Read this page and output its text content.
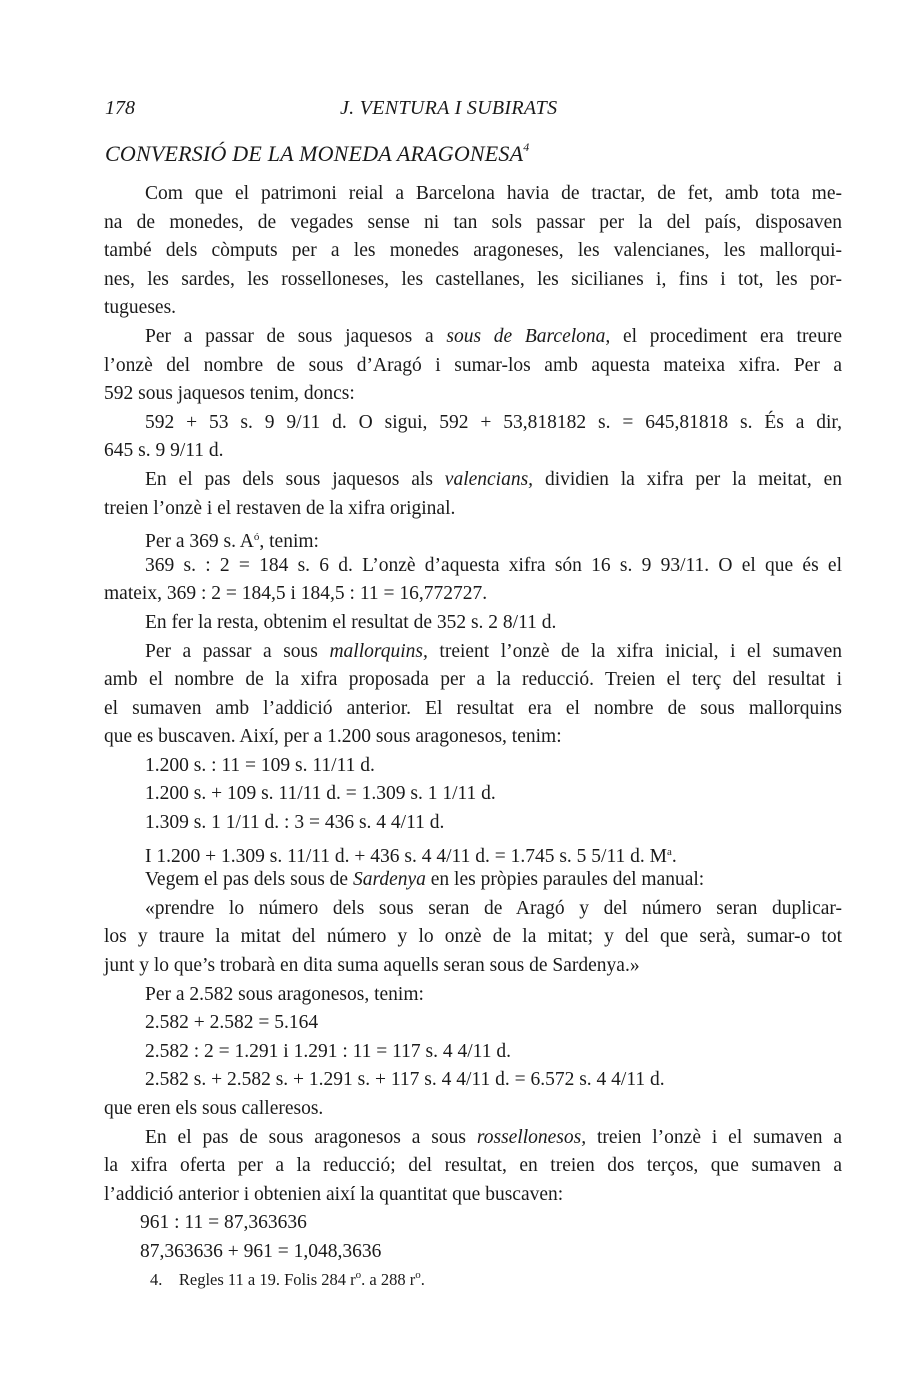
178	J. VENTURA I SUBIRATS
CONVERSIÓ DE LA MONEDA ARAGONESA$^4$
Com que el patrimoni reial a Barcelona havia de tractar, de fet, amb tota me-
na de monedes, de vegades sense ni tan sols passar per la del país, disposaven
també dels còmputs per a les monedes aragoneses, les valencianes, les mallorqui-
nes, les sardes, les rosselloneses, les castellanes, les sicilianes i, fins i tot, les por-
tugueses.
Per a passar de sous jaquesos a sous de Barcelona, el procediment era treure
l’onzè del nombre de sous d’Aragó i sumar-los amb aquesta mateixa xifra. Per a
592 sous jaquesos tenim, doncs:
592 + 53 s. 9 9/11 d. O sigui, 592 + 53,818182 s. = 645,81818 s. És a dir,
645 s. 9 9/11 d.
En el pas dels sous jaquesos als valencians, dividien la xifra per la meitat, en
treien l’onzè i el restaven de la xifra original.
Per a 369 s. $A^ó$, tenim:
369 s. : 2 = 184 s. 6 d. L’onzè d’aquesta xifra són 16 s. 9 93/11. O el que és el
mateix, 369 : 2 = 184,5 i 184,5 : 11 = 16,772727.
En fer la resta, obtenim el resultat de 352 s. 2 8/11 d.
Per a passar a sous mallorquins, treient l’onzè de la xifra inicial, i el sumaven
amb el nombre de la xifra proposada per a la reducció. Treien el terç del resultat i
el sumaven amb l’addició anterior. El resultat era el nombre de sous mallorquins
que es buscaven. Així, per a 1.200 sous aragonesos, tenim:
1.200 s. : 11 = 109 s. 11/11 d.
1.200 s. + 109 s. 11/11 d. = 1.309 s. 1 1/11 d.
1.309 s. 1 1/11 d. : 3 = 436 s. 4 4/11 d.
I 1.200 + 1.309 s. 11/11 d. + 436 s. 4 4/11 d. = 1.745 s. 5 5/11 d. $M^a$.
Vegem el pas dels sous de Sardenya en les pròpies paraules del manual:
«prendre lo número dels sous seran de Aragó y del número seran duplicar-
los y traure la mitat del número y lo onzè de la mitat; y del que serà, sumar-o tot
junt y lo que’s trobarà en dita suma aquells seran sous de Sardenya.»
Per a 2.582 sous aragonesos, tenim:
2.582 + 2.582 = 5.164
2.582 : 2 = 1.291 i 1.291 : 11 = 117 s. 4 4/11 d.
2.582 s. + 2.582 s. + 1.291 s. + 117 s. 4 4/11 d. = 6.572 s. 4 4/11 d.
que eren els sous calleresos.
En el pas de sous aragonesos a sous rossellonesos, treien l’onzè i el sumaven a
la xifra oferta per a la reducció; del resultat, en treien dos terços, que sumaven a
l’addició anterior i obtenien així la quantitat que buscaven:
961 : 11 = 87,363636
87,363636 + 961 = 1,048,3636
4. Regles 11 a 19. Folis 284 $r^o$. a 288 $r^o$.
